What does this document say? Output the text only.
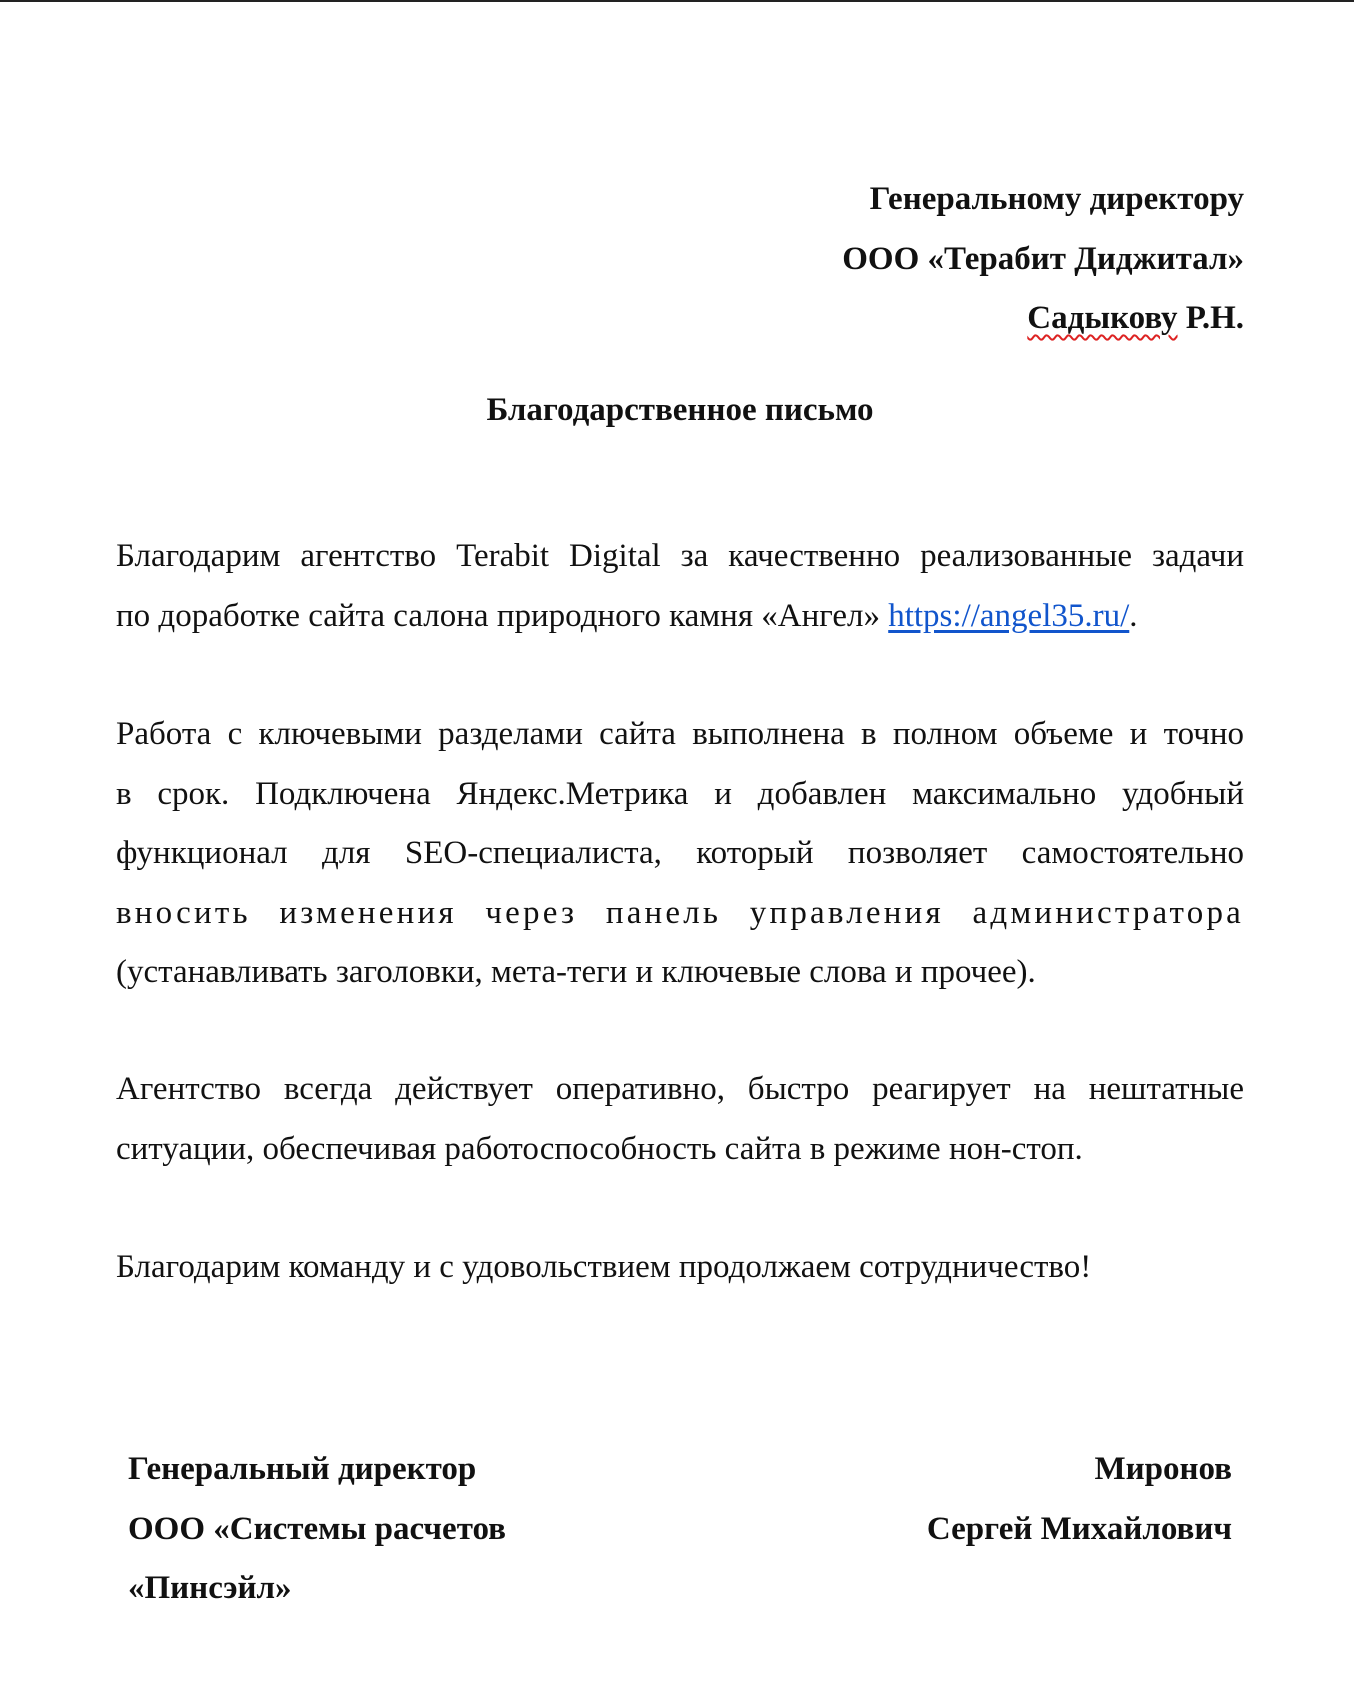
Генеральному директору
ООО «Терабит Диджитал»
Садыкову Р.Н.
Благодарственное письмо
Благодарим агентство Terabit Digital за качественно реализованные задачи
по доработке сайта салона природного камня «Ангел» https://angel35.ru/.
Работа с ключевыми разделами сайта выполнена в полном объеме и точно
в срок. Подключена Яндекс.Метрика и добавлен максимально удобный
функционал для SEO-специалиста, который позволяет самостоятельно
вносить изменения через панель управления администратора
(устанавливать заголовки, мета-теги и ключевые слова и прочее).
Агентство всегда действует оперативно, быстро реагирует на нештатные
ситуации, обеспечивая работоспособность сайта в режиме нон-стоп.
Благодарим команду и с удовольствием продолжаем сотрудничество!
Генеральный директор
ООО «Системы расчетов
«Пинсэйл»
Миронов
Сергей Михайлович
